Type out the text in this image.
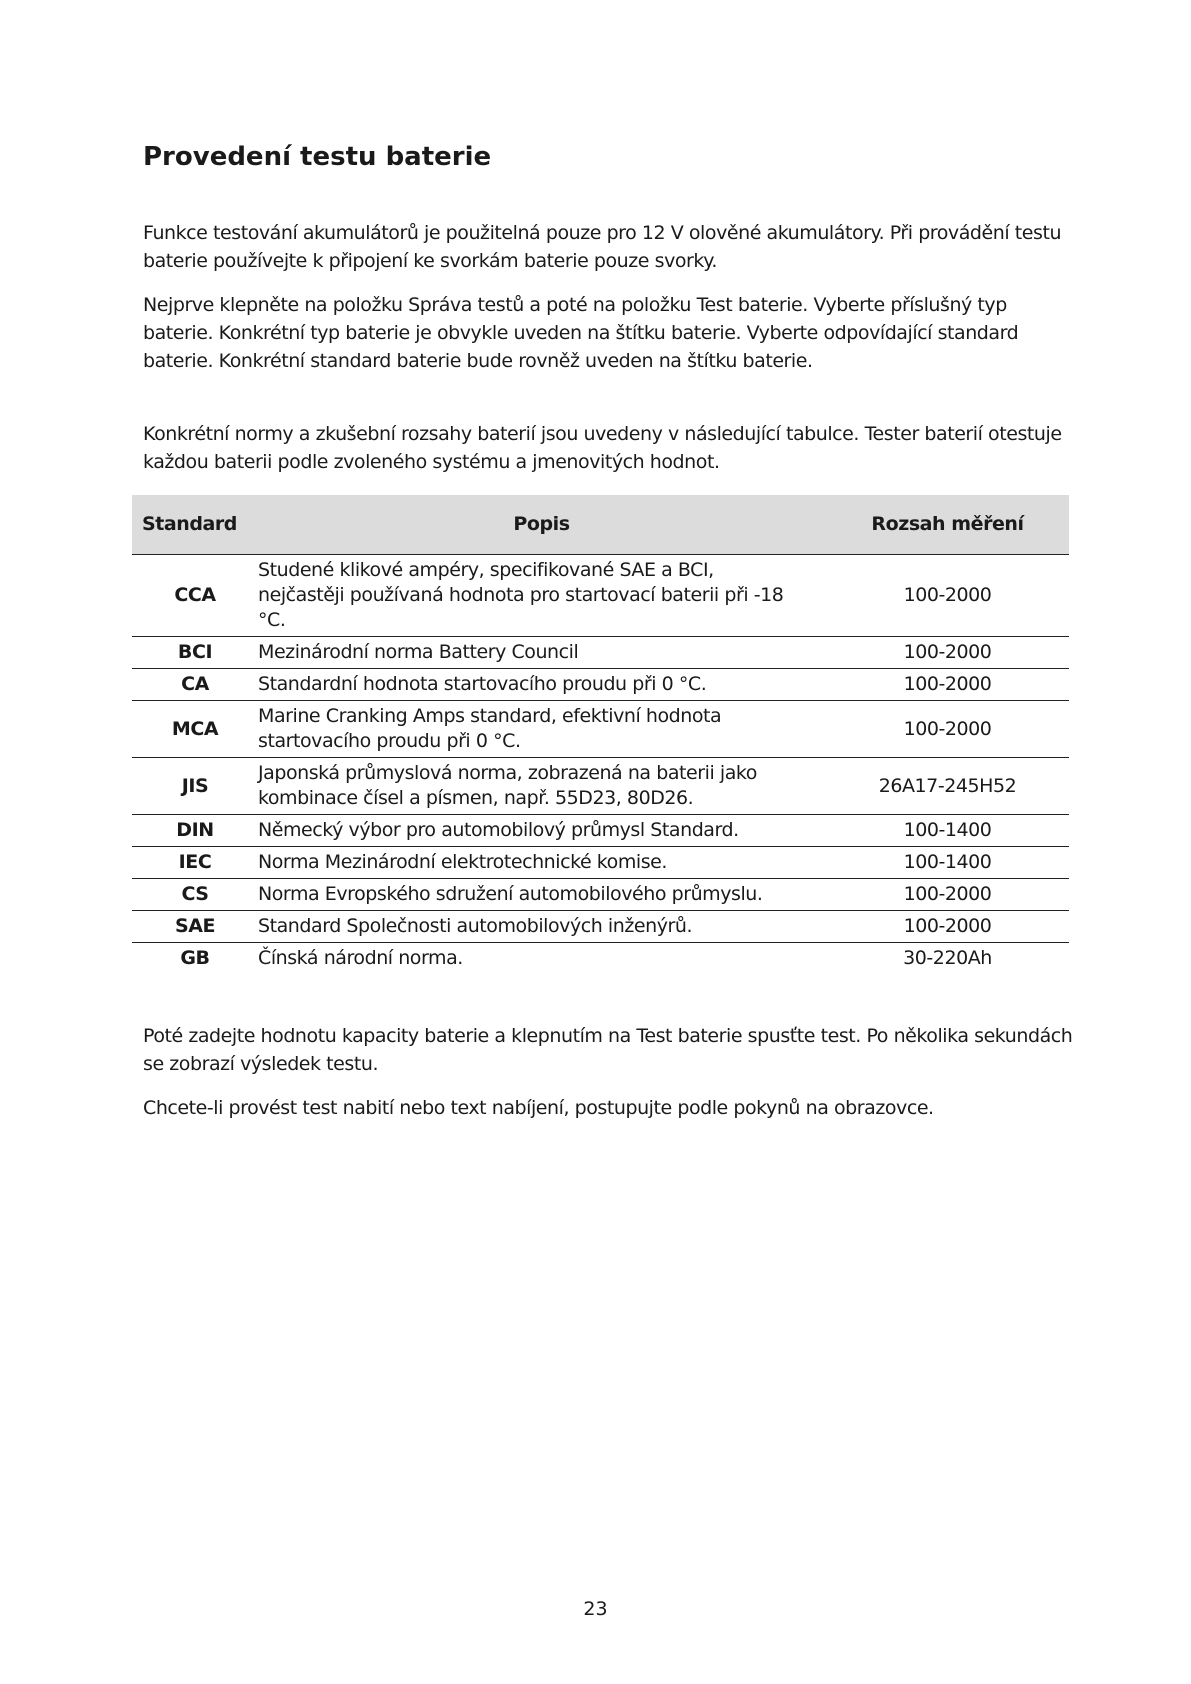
Provedení testu baterie

Funkce testování akumulátorů je použitelná pouze pro 12 V olověné akumulátory. Při provádění testu baterie používejte k připojení ke svorkám baterie pouze svorky.

Nejprve klepněte na položku Správa testů a poté na položku Test baterie. Vyberte příslušný typ baterie. Konkrétní typ baterie je obvykle uveden na štítku baterie. Vyberte odpovídající standard baterie. Konkrétní standard baterie bude rovněž uveden na štítku baterie.

Konkrétní normy a zkušební rozsahy baterií jsou uvedeny v následující tabulce. Tester baterií otestuje každou baterii podle zvoleného systému a jmenovitých hodnot.

Standard	Popis	Rozsah měření
CCA	Studené klikové ampéry, specifikované SAE a BCI, nejčastěji používaná hodnota pro startovací baterii při -18 °C.	100-2000
BCI	Mezinárodní norma Battery Council	100-2000
CA	Standardní hodnota startovacího proudu při 0 °C.	100-2000
MCA	Marine Cranking Amps standard, efektivní hodnota startovacího proudu při 0 °C.	100-2000
JIS	Japonská průmyslová norma, zobrazená na baterii jako kombinace čísel a písmen, např. 55D23, 80D26.	26A17-245H52
DIN	Německý výbor pro automobilový průmysl Standard.	100-1400
IEC	Norma Mezinárodní elektrotechnické komise.	100-1400
CS	Norma Evropského sdružení automobilového průmyslu.	100-2000
SAE	Standard Společnosti automobilových inženýrů.	100-2000
GB	Čínská národní norma.	30-220Ah

Poté zadejte hodnotu kapacity baterie a klepnutím na Test baterie spusťte test. Po několika sekundách se zobrazí výsledek testu.

Chcete-li provést test nabití nebo text nabíjení, postupujte podle pokynů na obrazovce.

23
